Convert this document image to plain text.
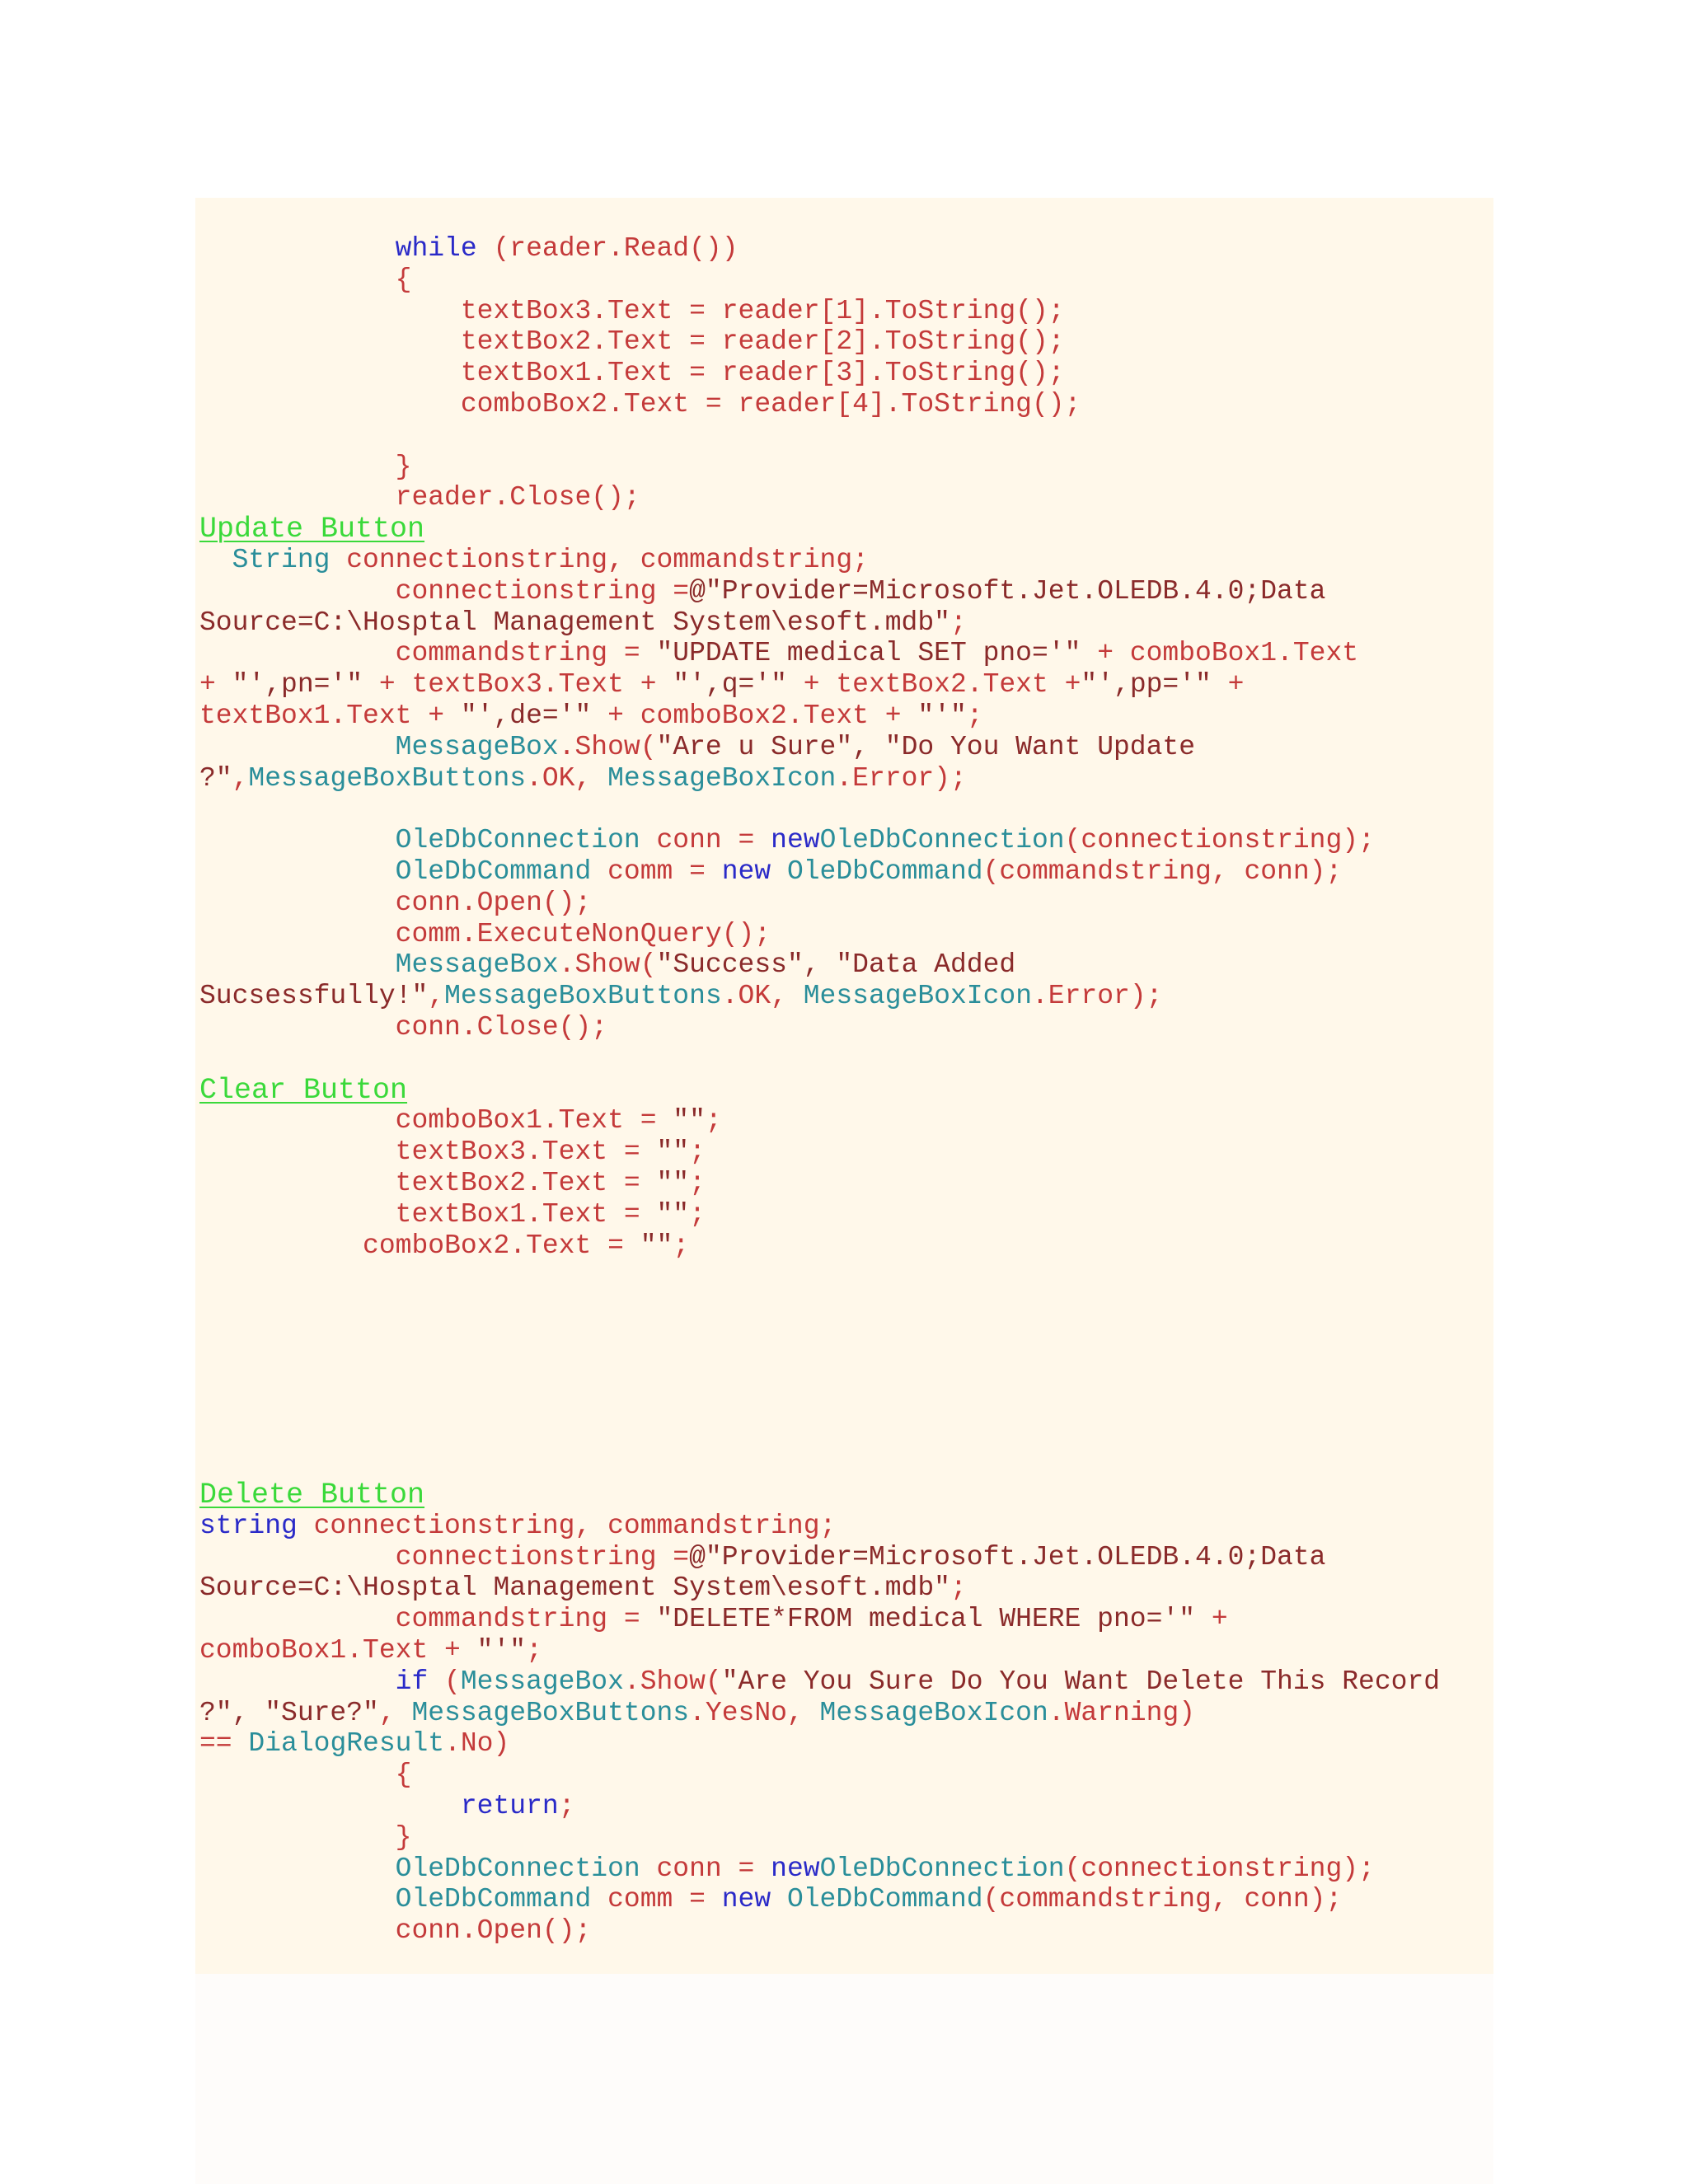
while (reader.Read())
{
textBox3.Text = reader[1].ToString();
textBox2.Text = reader[2].ToString();
textBox1.Text = reader[3].ToString();
comboBox2.Text = reader[4].ToString();
}
reader.Close();
Update Button
String connectionstring, commandstring;
connectionstring =@"Provider=Microsoft.Jet.OLEDB.4.0;Data
Source=C:\Hosptal Management System\esoft.mdb";
commandstring = "UPDATE medical SET pno='" + comboBox1.Text
+ "',pn='" + textBox3.Text + "',q='" + textBox2.Text +"',pp='" +
textBox1.Text + "',de='" + comboBox2.Text + "'";
MessageBox.Show("Are u Sure", "Do You Want Update
?",MessageBoxButtons.OK, MessageBoxIcon.Error);
OleDbConnection conn = newOleDbConnection(connectionstring);
OleDbCommand comm = new OleDbCommand(commandstring, conn);
conn.Open();
comm.ExecuteNonQuery();
MessageBox.Show("Success", "Data Added
Sucsessfully!",MessageBoxButtons.OK, MessageBoxIcon.Error);
conn.Close();
Clear Button
comboBox1.Text = "";
textBox3.Text = "";
textBox2.Text = "";
textBox1.Text = "";
comboBox2.Text = "";
Delete Button
string connectionstring, commandstring;
connectionstring =@"Provider=Microsoft.Jet.OLEDB.4.0;Data
Source=C:\Hosptal Management System\esoft.mdb";
commandstring = "DELETE*FROM medical WHERE pno='" +
comboBox1.Text + "'";
if (MessageBox.Show("Are You Sure Do You Want Delete This Record
?", "Sure?", MessageBoxButtons.YesNo, MessageBoxIcon.Warning)
== DialogResult.No)
{
return;
}
OleDbConnection conn = newOleDbConnection(connectionstring);
OleDbCommand comm = new OleDbCommand(commandstring, conn);
conn.Open();
